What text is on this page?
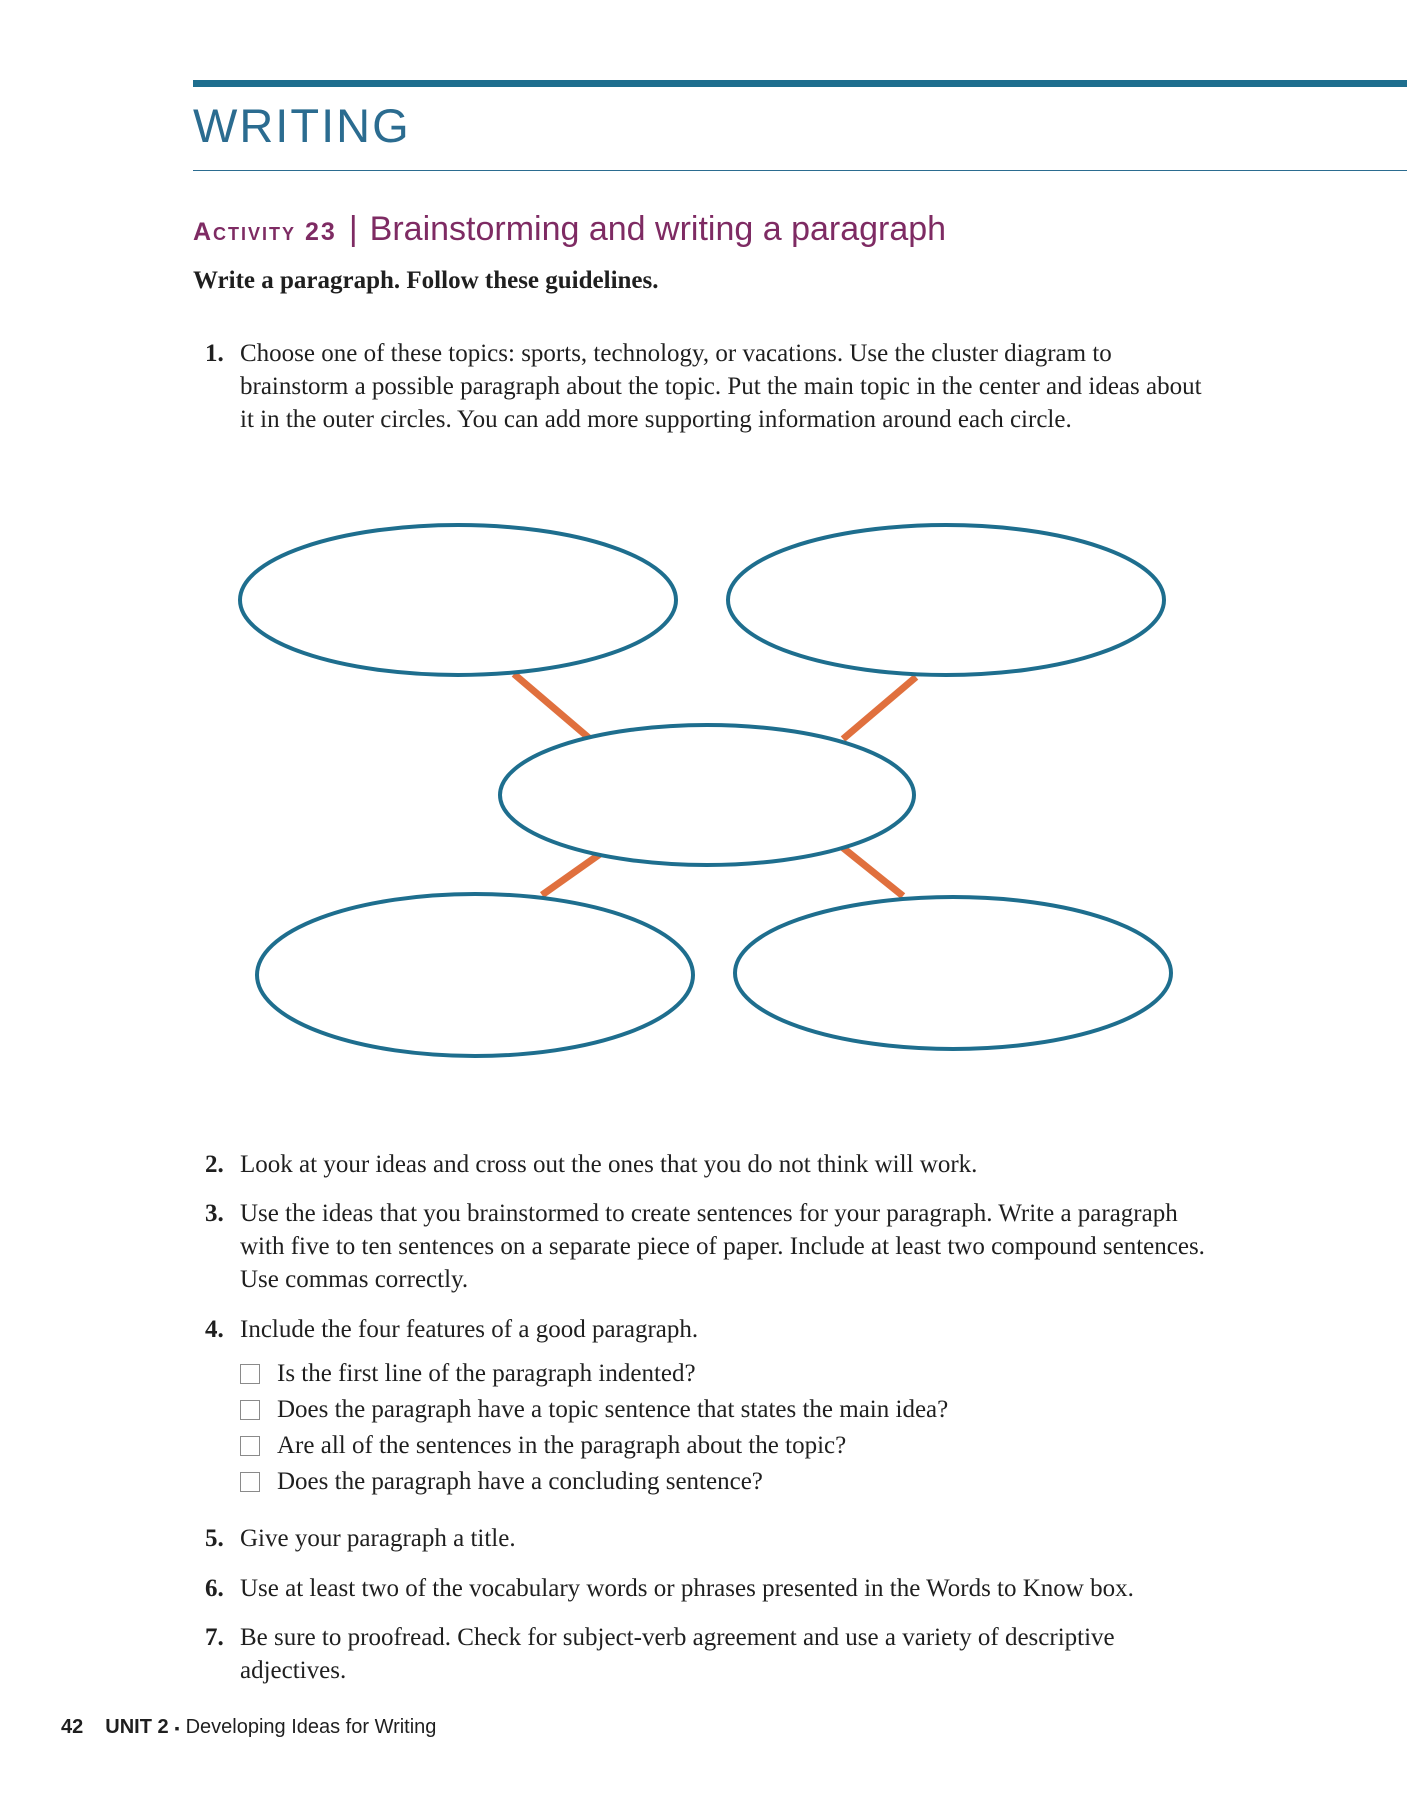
WRITING
Activity 23 | Brainstorming and writing a paragraph
Write a paragraph. Follow these guidelines.
1. Choose one of these topics: sports, technology, or vacations. Use the cluster diagram to brainstorm a possible paragraph about the topic. Put the main topic in the center and ideas about it in the outer circles. You can add more supporting information around each circle.
2. Look at your ideas and cross out the ones that you do not think will work.
3. Use the ideas that you brainstormed to create sentences for your paragraph. Write a paragraph with five to ten sentences on a separate piece of paper. Include at least two compound sentences. Use commas correctly.
4. Include the four features of a good paragraph.
Is the first line of the paragraph indented?
Does the paragraph have a topic sentence that states the main idea?
Are all of the sentences in the paragraph about the topic?
Does the paragraph have a concluding sentence?
5. Give your paragraph a title.
6. Use at least two of the vocabulary words or phrases presented in the Words to Know box.
7. Be sure to proofread. Check for subject-verb agreement and use a variety of descriptive adjectives.
42 UNIT 2 ▪ Developing Ideas for Writing
